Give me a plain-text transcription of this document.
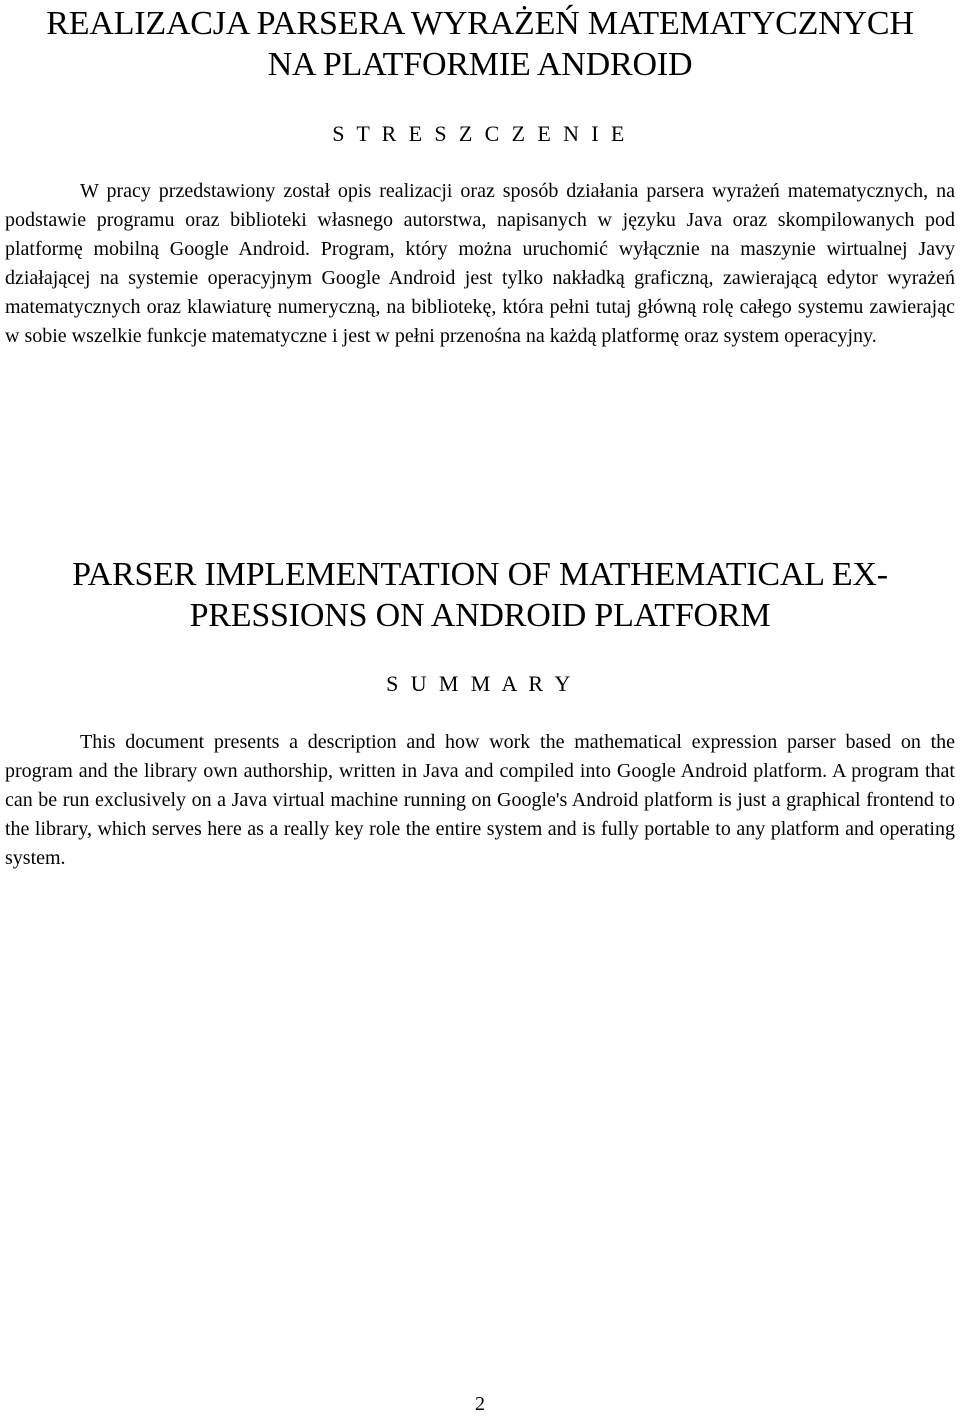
REALIZACJA PARSERA WYRAŻEŃ MATEMATYCZNYCH
NA PLATFORMIE ANDROID
S T R E S Z C Z E N I E

W pracy przedstawiony został opis realizacji oraz sposób działania parsera wyrażeń matematycznych, na podstawie programu oraz biblioteki własnego autorstwa, napisanych w języku Java oraz skompilowanych pod platformę mobilną Google Android. Program, który można uruchomić wyłącznie na maszynie wirtualnej Javy działającej na systemie operacyjnym Google Android jest tylko nakładką graficzną, zawierającą edytor wyrażeń matematycznych oraz klawiaturę numeryczną, na bibliotekę, która pełni tutaj główną rolę całego systemu zawierając w sobie wszelkie funkcje matematyczne i jest w pełni przenośna na każdą platformę oraz system operacyjny.

PARSER IMPLEMENTATION OF MATHEMATICAL EX-
PRESSIONS ON ANDROID PLATFORM
S U M M A R Y

This document presents a description and how work the mathematical expression parser based on the program and the library own authorship, written in Java and compiled into Google Android platform. A program that can be run exclusively on a Java virtual machine running on Google's Android platform is just a graphical frontend to the library, which serves here as a really key role the entire system and is fully portable to any platform and operating system.

2
